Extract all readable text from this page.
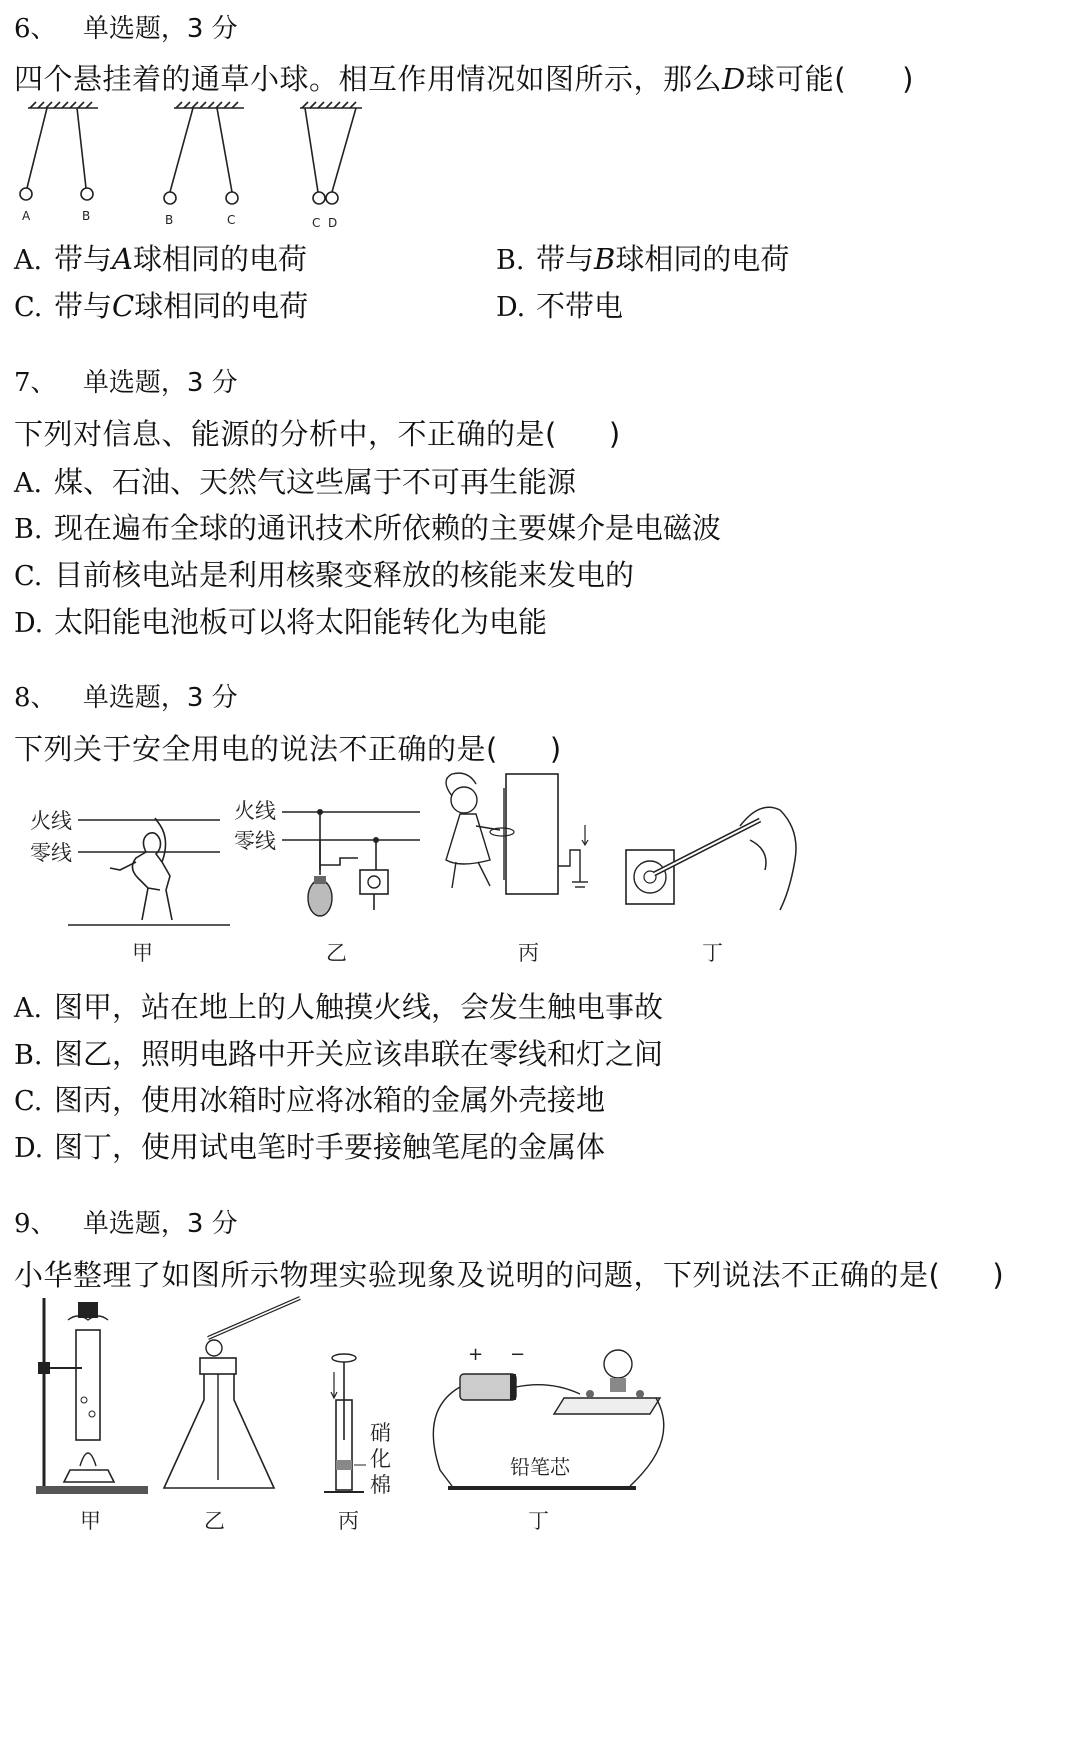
6、 单选题，3 分
四个悬挂着的通草小球。相互作用情况如图所示，那么D球可能( )
A	B	B	C	C D
A. 带与A球相同的电荷	B. 带与B球相同的电荷
C. 带与C球相同的电荷	D. 不带电
7、 单选题，3 分
下列对信息、能源的分析中，不正确的是( )
A. 煤、石油、天然气这些属于不可再生能源
B. 现在遍布全球的通讯技术所依赖的主要媒介是电磁波
C. 目前核电站是利用核聚变释放的核能来发电的
D. 太阳能电池板可以将太阳能转化为电能
8、 单选题，3 分
下列关于安全用电的说法不正确的是( )
火线
零线
甲
火线
零线
乙	丙	丁
A. 图甲，站在地上的人触摸火线，会发生触电事故
B. 图乙，照明电路中开关应该串联在零线和灯之间
C. 图丙，使用冰箱时应将冰箱的金属外壳接地
D. 图丁，使用试电笔时手要接触笔尾的金属体
9、 单选题，3 分
小华整理了如图所示物理实验现象及说明的问题，下列说法不正确的是( )
甲	乙
硝
化
棉
丙
+ −
铅笔芯
丁
